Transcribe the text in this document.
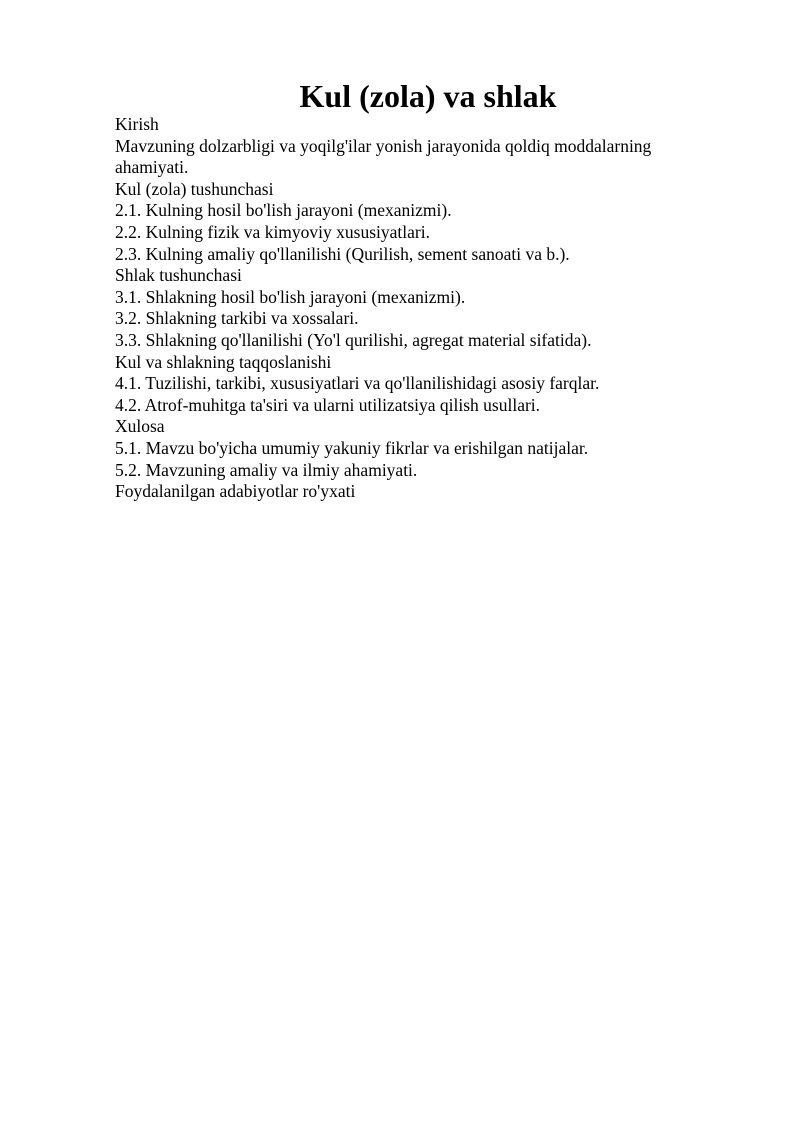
Kul (zola) va shlak
Kirish
Mavzuning dolzarbligi va yoqilg'ilar yonish jarayonida qoldiq moddalarning ahamiyati.
Kul (zola) tushunchasi
2.1. Kulning hosil bo'lish jarayoni (mexanizmi).
2.2. Kulning fizik va kimyoviy xususiyatlari.
2.3. Kulning amaliy qo'llanilishi (Qurilish, sement sanoati va b.).
Shlak tushunchasi
3.1. Shlakning hosil bo'lish jarayoni (mexanizmi).
3.2. Shlakning tarkibi va xossalari.
3.3. Shlakning qo'llanilishi (Yo'l qurilishi, agregat material sifatida).
Kul va shlakning taqqoslanishi
4.1. Tuzilishi, tarkibi, xususiyatlari va qo'llanilishidagi asosiy farqlar.
4.2. Atrof-muhitga ta'siri va ularni utilizatsiya qilish usullari.
Xulosa
5.1. Mavzu bo'yicha umumiy yakuniy fikrlar va erishilgan natijalar.
5.2. Mavzuning amaliy va ilmiy ahamiyati.
Foydalanilgan adabiyotlar ro'yxati
